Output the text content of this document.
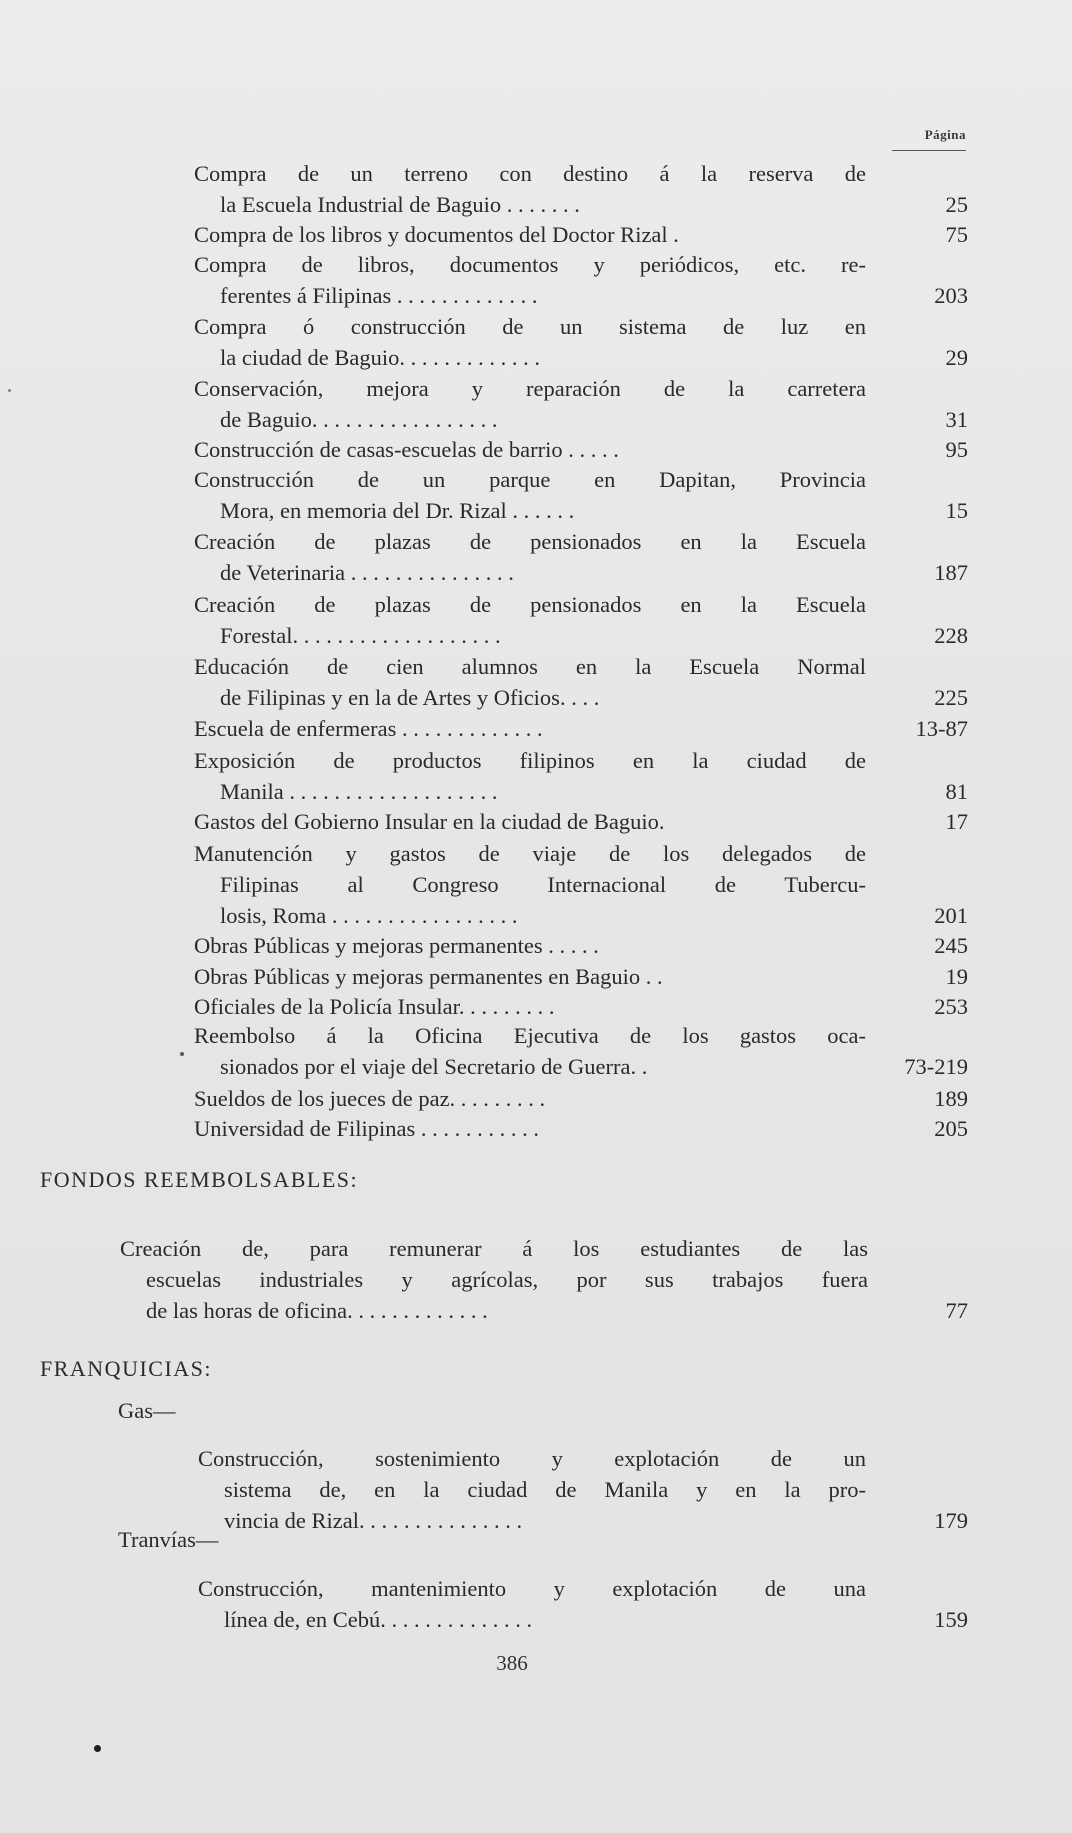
Página
Compra de un terreno con destino á la reserva de
la Escuela Industrial de Baguio . . . . . . .	25
Compra de los libros y documentos del Doctor Rizal .	75
Compra de libros, documentos y periódicos, etc. re-
ferentes á Filipinas . . . . . . . . . . . . .	203
Compra ó construcción de un sistema de luz en
la ciudad de Baguio. . . . . . . . . . . . .	29
Conservación, mejora y reparación de la carretera
de Baguio. . . . . . . . . . . . . . . . .	31
Construcción de casas-escuelas de barrio . . . . .	95
Construcción de un parque en Dapitan, Provincia
Mora, en memoria del Dr. Rizal . . . . . .	15
Creación de plazas de pensionados en la Escuela
de Veterinaria . . . . . . . . . . . . . . .	187
Creación de plazas de pensionados en la Escuela
Forestal. . . . . . . . . . . . . . . . . . .	228
Educación de cien alumnos en la Escuela Normal
de Filipinas y en la de Artes y Oficios. . . .	225
Escuela de enfermeras . . . . . . . . . . . . .	13-87
Exposición de productos filipinos en la ciudad de
Manila . . . . . . . . . . . . . . . . . . .	81
Gastos del Gobierno Insular en la ciudad de Baguio.	17
Manutención y gastos de viaje de los delegados de
Filipinas al Congreso Internacional de Tubercu-
losis, Roma . . . . . . . . . . . . . . . . .	201
Obras Públicas y mejoras permanentes . . . . .	245
Obras Públicas y mejoras permanentes en Baguio . .	19
Oficiales de la Policía Insular. . . . . . . . .	253
Reembolso á la Oficina Ejecutiva de los gastos oca-
sionados por el viaje del Secretario de Guerra. .	73-219
Sueldos de los jueces de paz. . . . . . . . .	189
Universidad de Filipinas . . . . . . . . . . .	205
FONDOS REEMBOLSABLES:
Creación de, para remunerar á los estudiantes de las
escuelas industriales y agrícolas, por sus trabajos fuera
de las horas de oficina. . . . . . . . . . . . .	77
FRANQUICIAS:
Gas—
Construcción, sostenimiento y explotación de un
sistema de, en la ciudad de Manila y en la pro-
vincia de Rizal. . . . . . . . . . . . . . .	179
Tranvías—
Construcción, mantenimiento y explotación de una
línea de, en Cebú. . . . . . . . . . . . . .	159
386
